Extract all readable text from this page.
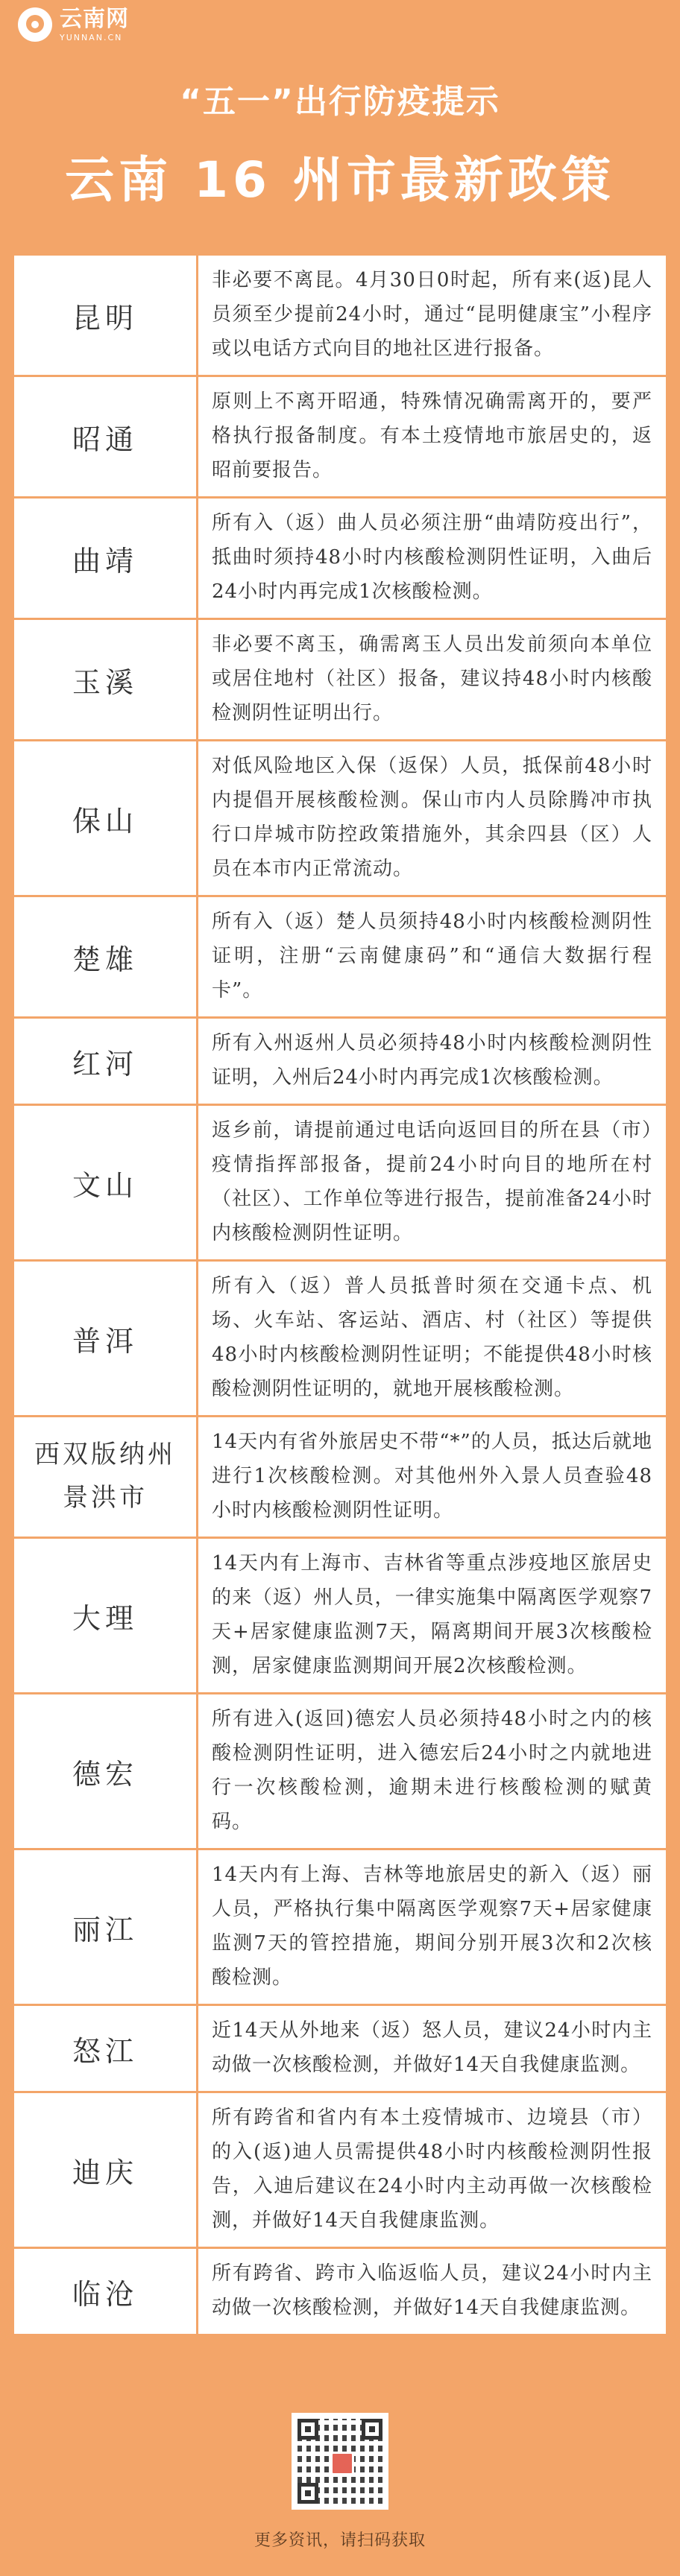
云南网
YUNNAN.CN
“五一”出行防疫提示
云南 16 州市最新政策
昆明	非必要不离昆。4月30日0时起，所有来(返)昆人员须至少提前24小时，通过“昆明健康宝”小程序或以电话方式向目的地社区进行报备。

昭通	原则上不离开昭通，特殊情况确需离开的，要严格执行报备制度。有本土疫情地市旅居史的，返昭前要报告。

曲靖	所有入（返）曲人员必须注册“曲靖防疫出行”，抵曲时须持48小时内核酸检测阴性证明，入曲后24小时内再完成1次核酸检测。

玉溪	非必要不离玉，确需离玉人员出发前须向本单位或居住地村（社区）报备，建议持48小时内核酸检测阴性证明出行。

保山	对低风险地区入保（返保）人员，抵保前48小时内提倡开展核酸检测。保山市内人员除腾冲市执行口岸城市防控政策措施外，其余四县（区）人员在本市内正常流动。

楚雄	所有入（返）楚人员须持48小时内核酸检测阴性证明，注册“云南健康码”和“通信大数据行程卡”。

红河	所有入州返州人员必须持48小时内核酸检测阴性证明，入州后24小时内再完成1次核酸检测。

文山	返乡前，请提前通过电话向返回目的所在县（市）疫情指挥部报备，提前24小时向目的地所在村（社区）、工作单位等进行报告，提前准备24小时内核酸检测阴性证明。

普洱	所有入（返）普人员抵普时须在交通卡点、机场、火车站、客运站、酒店、村（社区）等提供48小时内核酸检测阴性证明；不能提供48小时核酸检测阴性证明的，就地开展核酸检测。

西双版纳州
景洪市	14天内有省外旅居史不带“*”的人员，抵达后就地进行1次核酸检测。对其他州外入景人员查验48小时内核酸检测阴性证明。

大理	14天内有上海市、吉林省等重点涉疫地区旅居史的来（返）州人员，一律实施集中隔离医学观察7天+居家健康监测7天，隔离期间开展3次核酸检测，居家健康监测期间开展2次核酸检测。

德宏	所有进入(返回)德宏人员必须持48小时之内的核酸检测阴性证明，进入德宏后24小时之内就地进行一次核酸检测，逾期未进行核酸检测的赋黄码。

丽江	14天内有上海、吉林等地旅居史的新入（返）丽人员，严格执行集中隔离医学观察7天+居家健康监测7天的管控措施，期间分别开展3次和2次核酸检测。

怒江	近14天从外地来（返）怒人员，建议24小时内主动做一次核酸检测，并做好14天自我健康监测。

迪庆	所有跨省和省内有本土疫情城市、边境县（市）的入(返)迪人员需提供48小时内核酸检测阴性报告，入迪后建议在24小时内主动再做一次核酸检测，并做好14天自我健康监测。

临沧	所有跨省、跨市入临返临人员，建议24小时内主动做一次核酸检测，并做好14天自我健康监测。
更多资讯，请扫码获取
